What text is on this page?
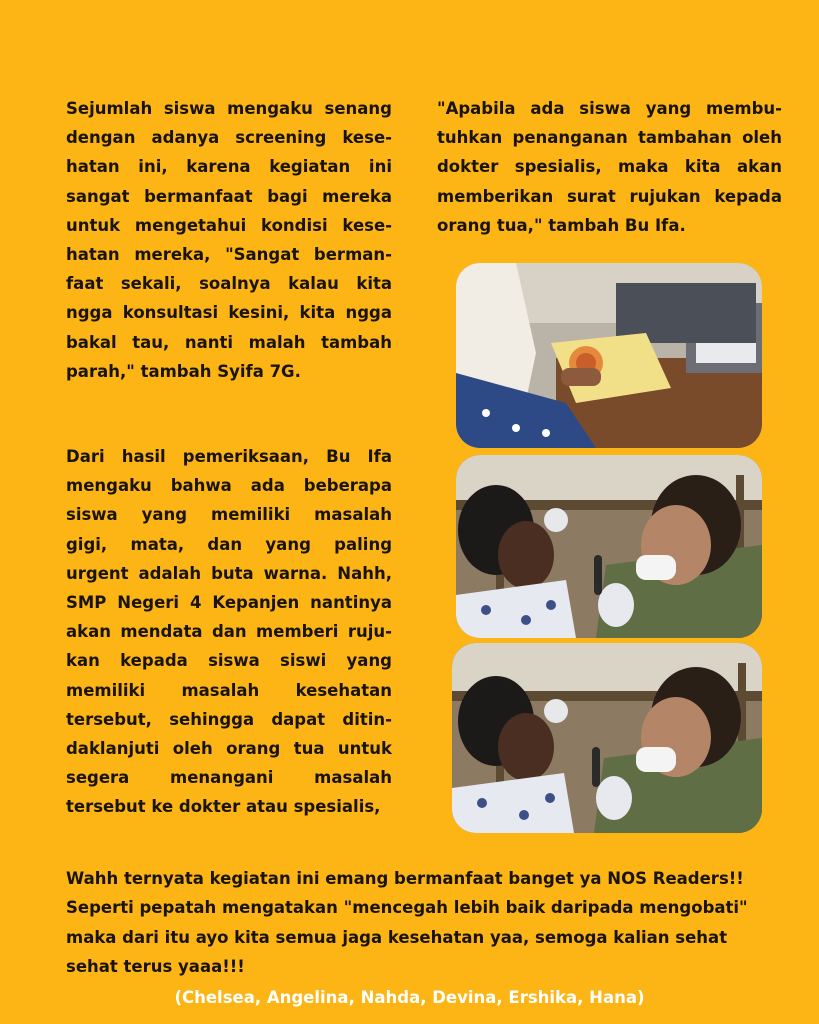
Sejumlah siswa mengaku senang
dengan adanya screening kese-
hatan ini, karena kegiatan ini
sangat bermanfaat bagi mereka
untuk mengetahui kondisi kese-
hatan mereka, "Sangat berman-
faat sekali, soalnya kalau kita
ngga konsultasi kesini, kita ngga
bakal tau, nanti malah tambah
parah," tambah Syifa 7G.
Dari hasil pemeriksaan, Bu Ifa
mengaku bahwa ada beberapa
siswa yang memiliki masalah
gigi, mata, dan yang paling
urgent adalah buta warna. Nahh,
SMP Negeri 4 Kepanjen nantinya
akan mendata dan memberi ruju-
kan kepada siswa siswi yang
memiliki masalah kesehatan
tersebut, sehingga dapat ditin-
daklanjuti oleh orang tua untuk
segera menangani masalah
tersebut ke dokter atau spesialis,
"Apabila ada siswa yang membu-
tuhkan penanganan tambahan oleh
dokter spesialis, maka kita akan
memberikan surat rujukan kepada
orang tua," tambah Bu Ifa.
Wahh ternyata kegiatan ini emang bermanfaat banget ya NOS Readers!!
Seperti pepatah mengatakan "mencegah lebih baik daripada mengobati"
maka dari itu ayo kita semua jaga kesehatan yaa, semoga kalian sehat
sehat terus yaaa!!!
(Chelsea, Angelina, Nahda, Devina, Ershika, Hana)
